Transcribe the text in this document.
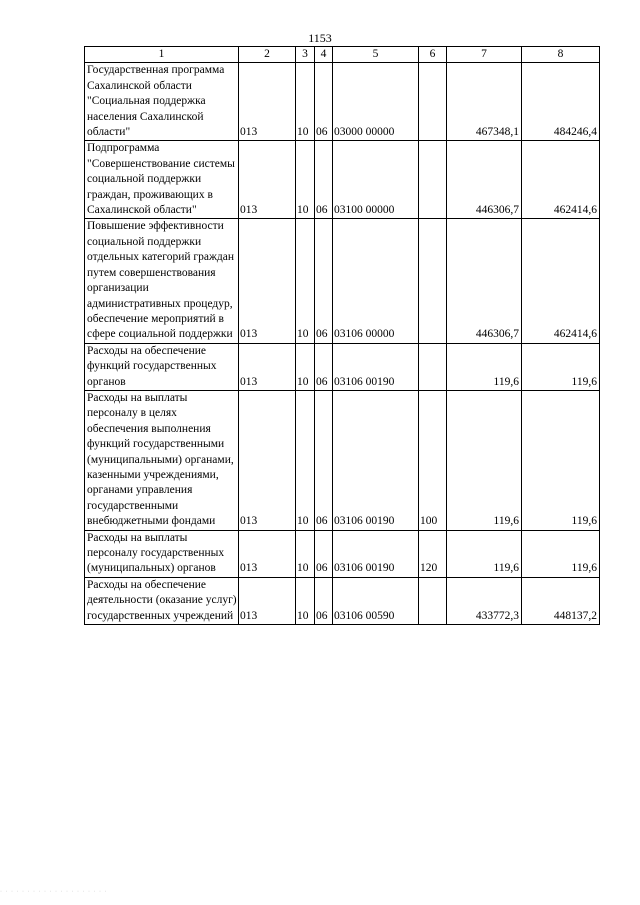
1153
1	2	3	4	5	6	7	8
Государственная программа Сахалинской области "Социальная поддержка населения Сахалинской области"	013	10	06	03000 00000		467348,1	484246,4
Подпрограмма "Совершенствование системы социальной поддержки граждан, проживающих в Сахалинской области"	013	10	06	03100 00000		446306,7	462414,6
Повышение эффективности социальной поддержки отдельных категорий граждан путем совершенствования организации административных процедур, обеспечение мероприятий в сфере социальной поддержки	013	10	06	03106 00000		446306,7	462414,6
Расходы на обеспечение функций государственных органов	013	10	06	03106 00190		119,6	119,6
Расходы на выплаты персоналу в целях обеспечения выполнения функций государственными (муниципальными) органами, казенными учреждениями, органами управления государственными внебюджетными фондами	013	10	06	03106 00190	100	119,6	119,6
Расходы на выплаты персоналу государственных (муниципальных) органов	013	10	06	03106 00190	120	119,6	119,6
Расходы на обеспечение деятельности (оказание услуг) государственных учреждений	013	10	06	03106 00590		433772,3	448137,2
· · · · · · · · · · · · · · · · · · · ·
